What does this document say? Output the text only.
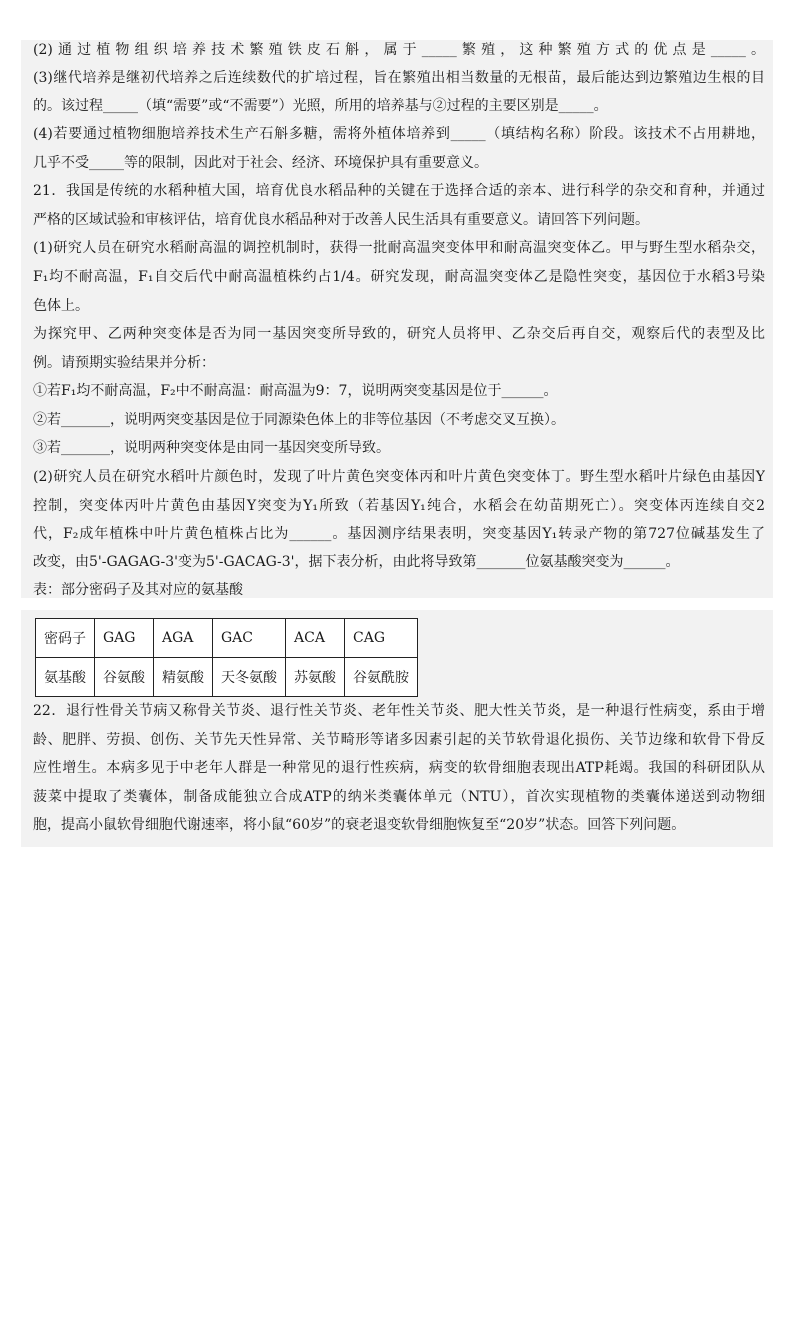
(2)通过植物组织培养技术繁殖铁皮石斛，属于_____繁殖，这种繁殖方式的优点是_____。
(3)继代培养是继初代培养之后连续数代的扩培过程，旨在繁殖出相当数量的无根苗，最后能达到边繁殖边生根的目
的。该过程_____（填“需要”或“不需要”）光照，所用的培养基与②过程的主要区别是_____。
(4)若要通过植物细胞培养技术生产石斛多糖，需将外植体培养到_____（填结构名称）阶段。该技术不占用耕地，
几乎不受_____等的限制，因此对于社会、经济、环境保护具有重要意义。
21．我国是传统的水稻种植大国，培育优良水稻品种的关键在于选择合适的亲本、进行科学的杂交和育种，并通过
严格的区域试验和审核评估，培育优良水稻品种对于改善人民生活具有重要意义。请回答下列问题。
(1)研究人员在研究水稻耐高温的调控机制时，获得一批耐高温突变体甲和耐高温突变体乙。甲与野生型水稻杂交，
F₁均不耐高温，F₁自交后代中耐高温植株约占1/4。研究发现，耐高温突变体乙是隐性突变，基因位于水稻3号染
色体上。
为探究甲、乙两种突变体是否为同一基因突变所导致的，研究人员将甲、乙杂交后再自交，观察后代的表型及比
例。请预期实验结果并分析：
①若F₁均不耐高温，F₂中不耐高温：耐高温为9：7，说明两突变基因是位于______。
②若_______，说明两突变基因是位于同源染色体上的非等位基因（不考虑交叉互换）。
③若_______，说明两种突变体是由同一基因突变所导致。
(2)研究人员在研究水稻叶片颜色时，发现了叶片黄色突变体丙和叶片黄色突变体丁。野生型水稻叶片绿色由基因Y
控制，突变体丙叶片黄色由基因Y突变为Y₁所致（若基因Y₁纯合，水稻会在幼苗期死亡）。突变体丙连续自交2
代，F₂成年植株中叶片黄色植株占比为______。基因测序结果表明，突变基因Y₁转录产物的第727位碱基发生了
改变，由5'-GAGAG-3'变为5'-GACAG-3'，据下表分析，由此将导致第_______位氨基酸突变为______。
表：部分密码子及其对应的氨基酸
密码子	GAG	AGA	GAC	ACA	CAG
氨基酸	谷氨酸	精氨酸	天冬氨酸	苏氨酸	谷氨酰胺
22．退行性骨关节病又称骨关节炎、退行性关节炎、老年性关节炎、肥大性关节炎，是一种退行性病变，系由于增
龄、肥胖、劳损、创伤、关节先天性异常、关节畸形等诸多因素引起的关节软骨退化损伤、关节边缘和软骨下骨反
应性增生。本病多见于中老年人群是一种常见的退行性疾病，病变的软骨细胞表现出ATP耗竭。我国的科研团队从
菠菜中提取了类囊体，制备成能独立合成ATP的纳米类囊体单元（NTU），首次实现植物的类囊体递送到动物细
胞，提高小鼠软骨细胞代谢速率，将小鼠“60岁”的衰老退变软骨细胞恢复至“20岁”状态。回答下列问题。
